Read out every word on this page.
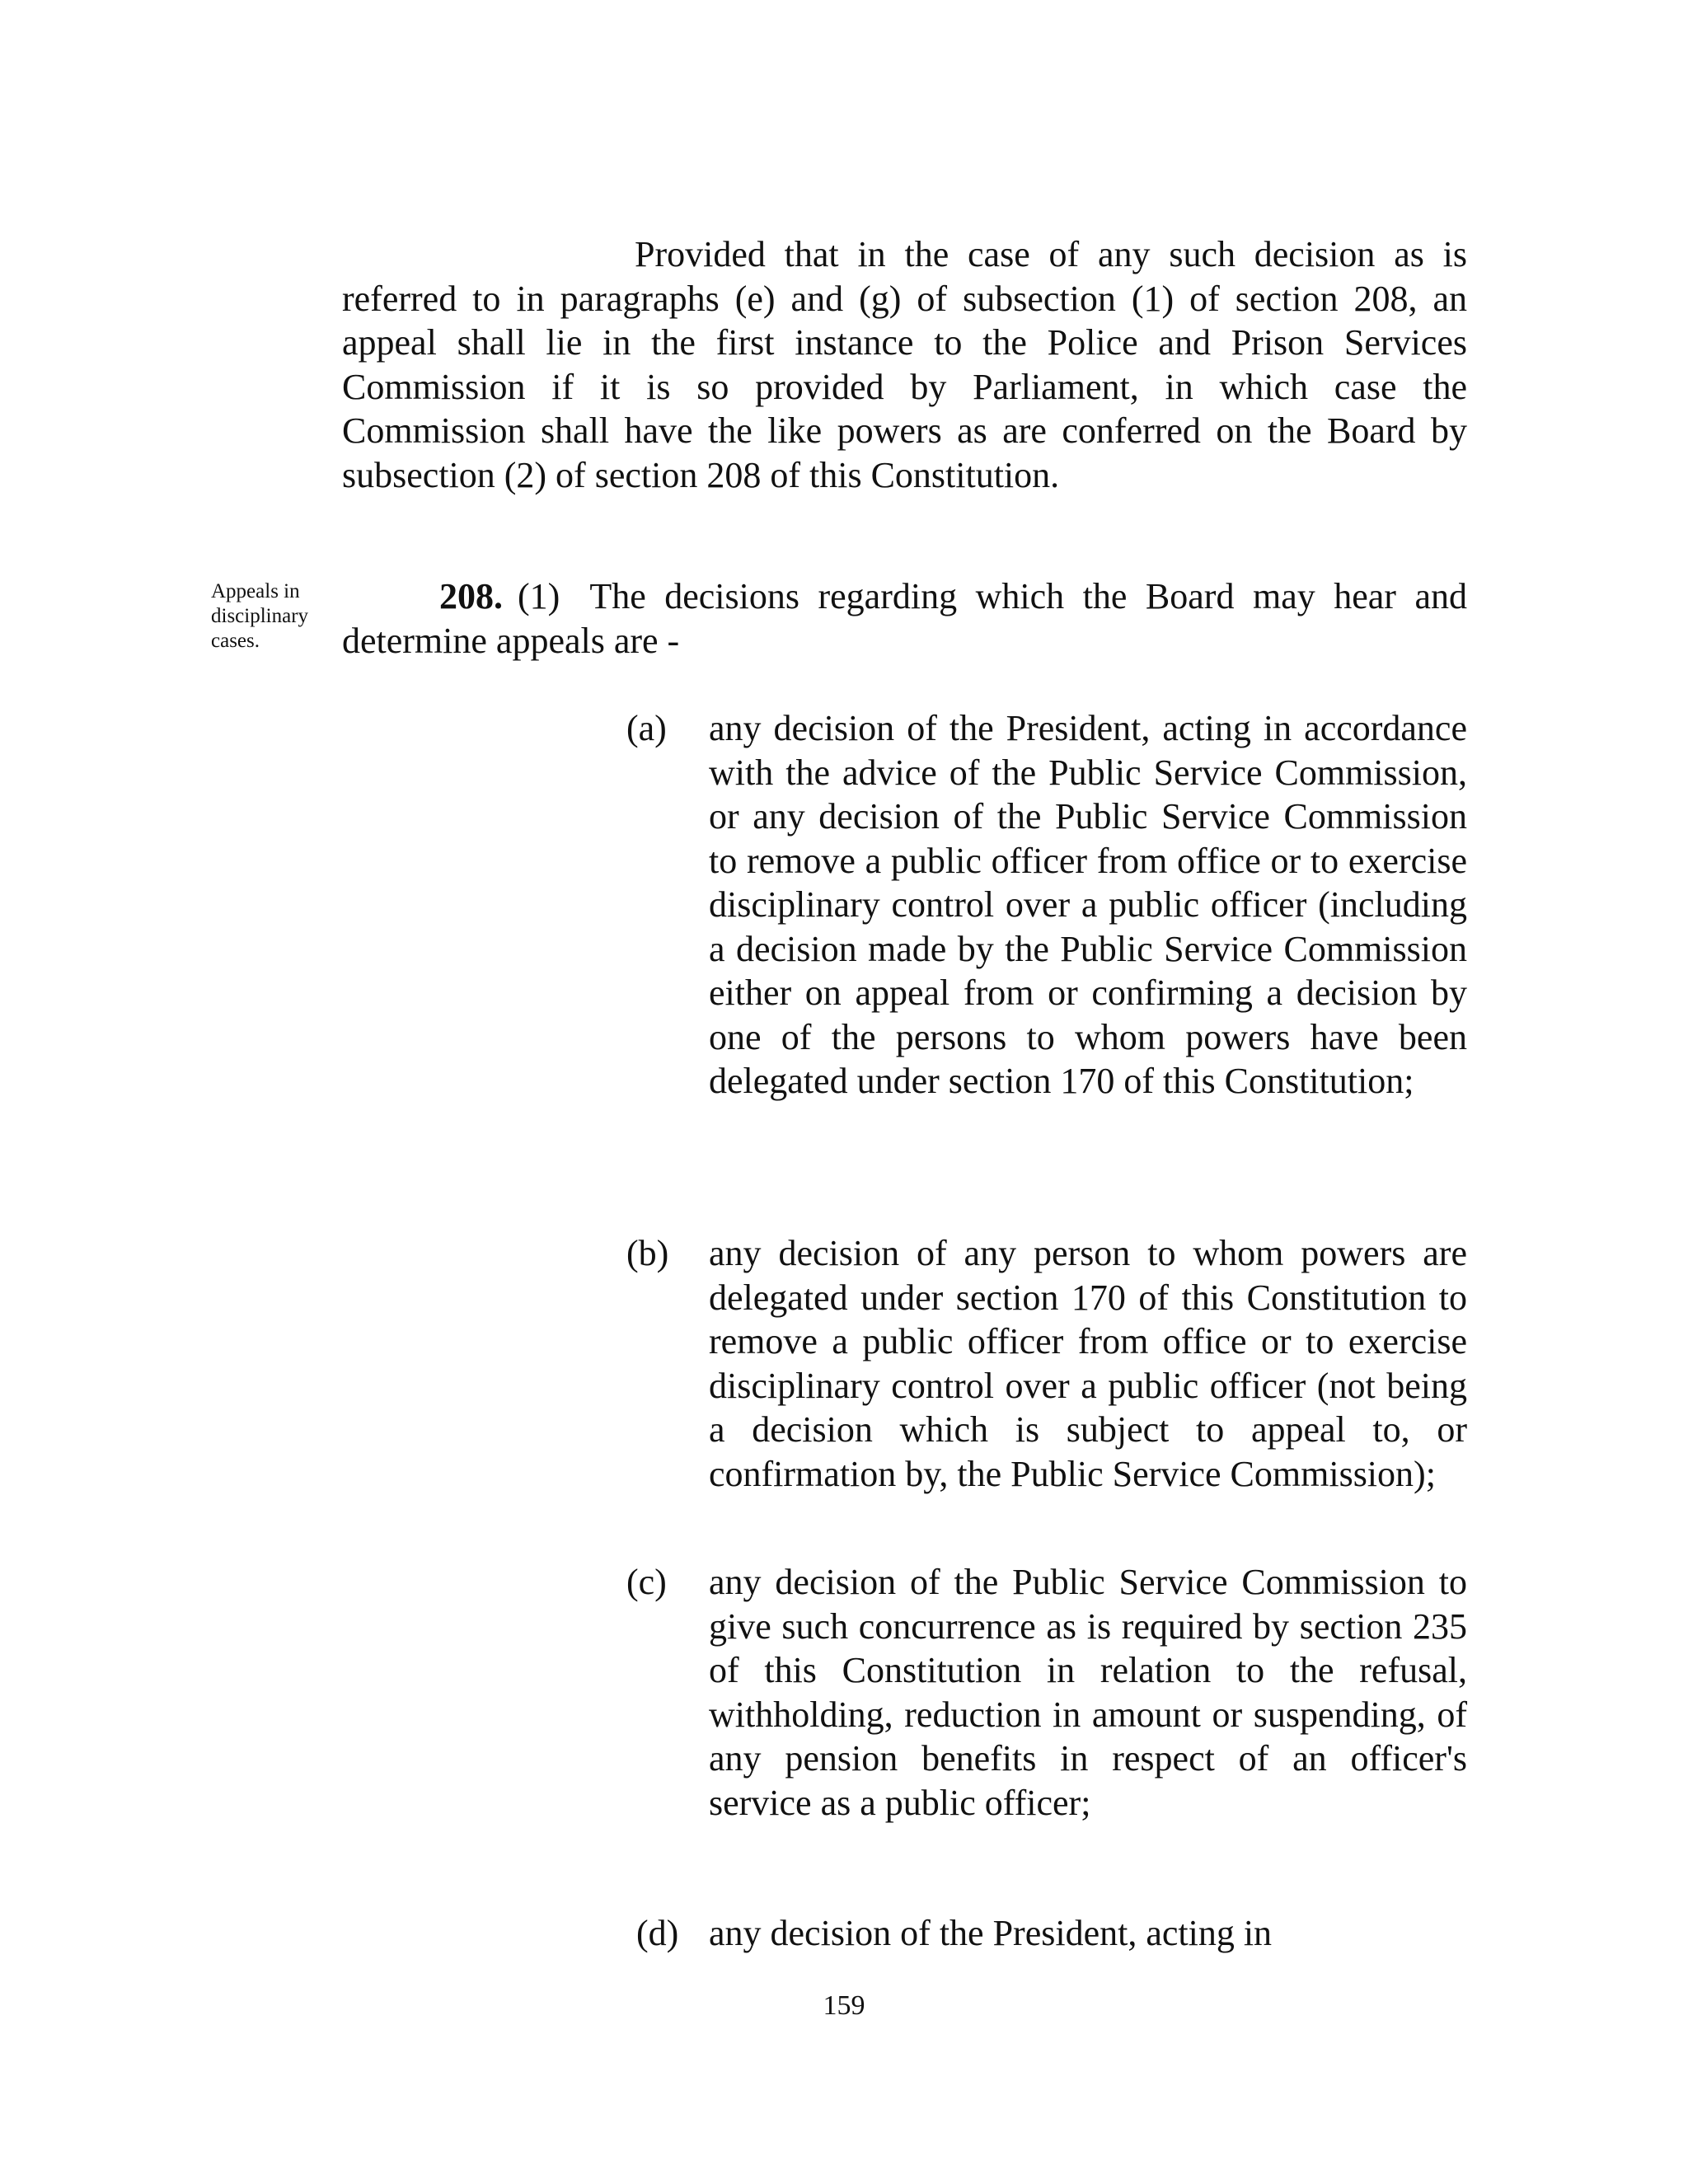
Provided that in the case of any such decision as is referred to in paragraphs (e) and (g) of subsection (1) of section 208, an appeal shall lie in the first instance to the Police and Prison Services Commission if it is so provided by Parliament, in which case the Commission shall have the like powers as are conferred on the Board by subsection (2) of section 208 of this Constitution.

Appeals in disciplinary cases.

208. (1) The decisions regarding which the Board may hear and determine appeals are -

(a)	any decision of the President, acting in accordance with the advice of the Public Service Commission, or any decision of the Public Service Commission to remove a public officer from office or to exercise disciplinary control over a public officer (including a decision made by the Public Service Commission either on appeal from or confirming a decision by one of the persons to whom powers have been delegated under section 170 of this Constitution;
(b)	any decision of any person to whom powers are delegated under section 170 of this Constitution to remove a public officer from office or to exercise disciplinary control over a public officer (not being a decision which is subject to appeal to, or confirmation by, the Public Service Commission);
(c)	any decision of the Public Service Commission to give such concurrence as is required by section 235 of this Constitution in relation to the refusal, withholding, reduction in amount or suspending, of any pension benefits in respect of an officer's service as a public officer;
(d) any decision of the President, acting in

159
